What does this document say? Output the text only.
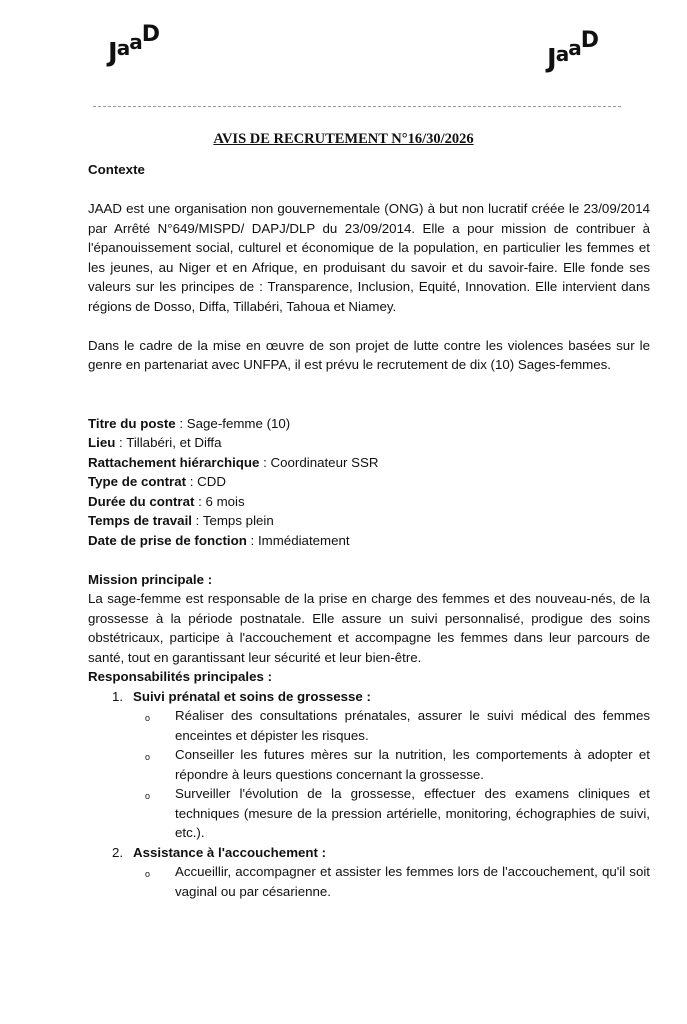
JaaD
JaaD
AVIS DE RECRUTEMENT N°16/30/2026

Contexte

JAAD est une organisation non gouvernementale (ONG) à but non lucratif créée le 23/09/2014 par Arrêté N°649/MISPD/ DAPJ/DLP du 23/09/2014. Elle a pour mission de contribuer à l'épanouissement social, culturel et économique de la population, en particulier les femmes et les jeunes, au Niger et en Afrique, en produisant du savoir et du savoir-faire. Elle fonde ses valeurs sur les principes de : Transparence, Inclusion, Equité, Innovation. Elle intervient dans régions de Dosso, Diffa, Tillabéri, Tahoua et Niamey.

Dans le cadre de la mise en œuvre de son projet de lutte contre les violences basées sur le genre en partenariat avec UNFPA, il est prévu le recrutement de dix (10) Sages-femmes.

Titre du poste : Sage-femme (10)

Lieu : Tillabéri, et Diffa

Rattachement hiérarchique : Coordinateur SSR

Type de contrat : CDD

Durée du contrat : 6 mois

Temps de travail : Temps plein

Date de prise de fonction : Immédiatement

Mission principale :

La sage-femme est responsable de la prise en charge des femmes et des nouveau-nés, de la grossesse à la période postnatale. Elle assure un suivi personnalisé, prodigue des soins obstétricaux, participe à l'accouchement et accompagne les femmes dans leur parcours de santé, tout en garantissant leur sécurité et leur bien-être.

Responsabilités principales :

1. Suivi prénatal et soins de grossesse :
o Réaliser des consultations prénatales, assurer le suivi médical des femmes enceintes et dépister les risques.
o Conseiller les futures mères sur la nutrition, les comportements à adopter et répondre à leurs questions concernant la grossesse.
o Surveiller l'évolution de la grossesse, effectuer des examens cliniques et techniques (mesure de la pression artérielle, monitoring, échographies de suivi, etc.).
2. Assistance à l'accouchement :
o Accueillir, accompagner et assister les femmes lors de l'accouchement, qu'il soit vaginal ou par césarienne.
